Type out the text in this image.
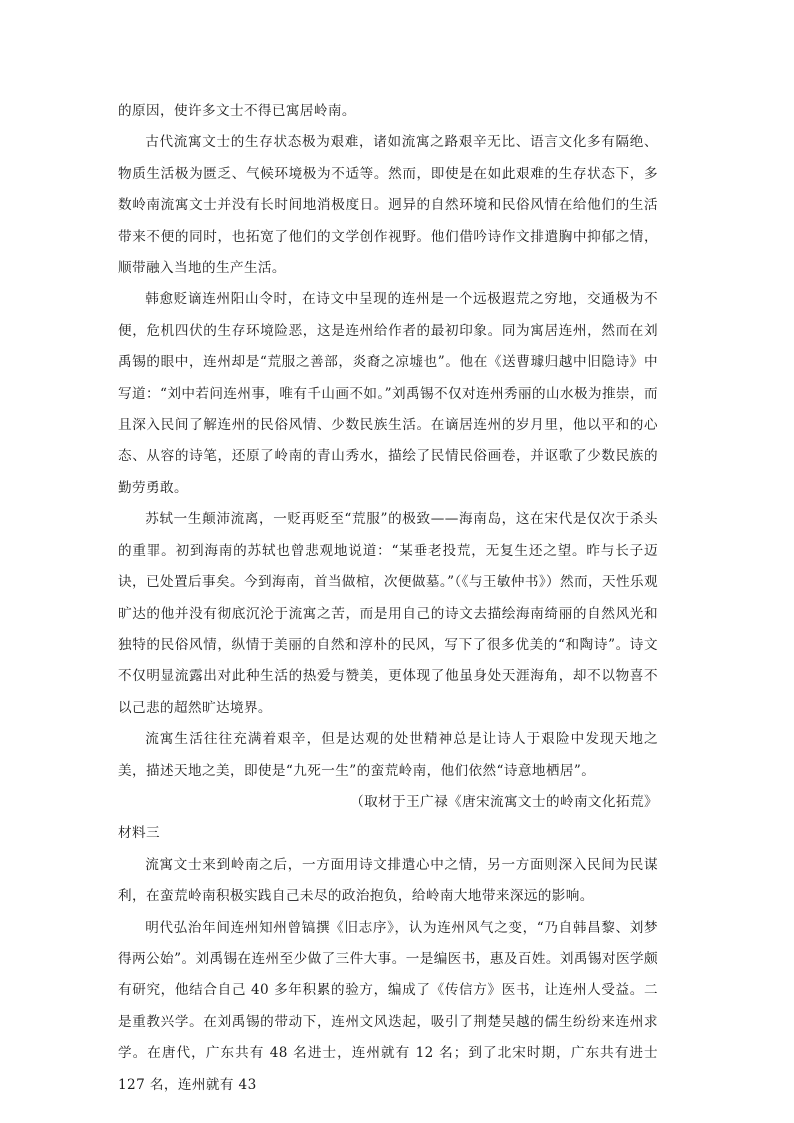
的原因，使许多文士不得已寓居岭南。

古代流寓文士的生存状态极为艰难，诸如流寓之路艰辛无比、语言文化多有隔绝、物质生活极为匮乏、气候环境极为不适等。然而，即使是在如此艰难的生存状态下，多数岭南流寓文士并没有长时间地消极度日。迥异的自然环境和民俗风情在给他们的生活带来不便的同时，也拓宽了他们的文学创作视野。他们借吟诗作文排遣胸中抑郁之情，顺带融入当地的生产生活。

韩愈贬谪连州阳山令时，在诗文中呈现的连州是一个远极遐荒之穷地，交通极为不便，危机四伏的生存环境险恶，这是连州给作者的最初印象。同为寓居连州，然而在刘禹锡的眼中，连州却是“荒服之善部，炎裔之凉墟也”。他在《送曹璩归越中旧隐诗》中写道：“刘中若问连州事，唯有千山画不如。”刘禹锡不仅对连州秀丽的山水极为推崇，而且深入民间了解连州的民俗风情、少数民族生活。在谪居连州的岁月里，他以平和的心态、从容的诗笔，还原了岭南的青山秀水，描绘了民情民俗画卷，并讴歌了少数民族的勤劳勇敢。

苏轼一生颠沛流离，一贬再贬至“荒服”的极致——海南岛，这在宋代是仅次于杀头的重罪。初到海南的苏轼也曾悲观地说道：“某垂老投荒，无复生还之望。昨与长子迈诀，已处置后事矣。今到海南，首当做棺，次便做墓。”（《与王敏仲书》）然而，天性乐观旷达的他并没有彻底沉沦于流寓之苦，而是用自己的诗文去描绘海南绮丽的自然风光和独特的民俗风情，纵情于美丽的自然和淳朴的民风，写下了很多优美的“和陶诗”。诗文不仅明显流露出对此种生活的热爱与赞美，更体现了他虽身处天涯海角，却不以物喜不以己悲的超然旷达境界。

流寓生活往往充满着艰辛，但是达观的处世精神总是让诗人于艰险中发现天地之美，描述天地之美，即使是“九死一生”的蛮荒岭南，他们依然“诗意地栖居”。

（取材于王广禄《唐宋流寓文士的岭南文化拓荒》

材料三

流寓文士来到岭南之后，一方面用诗文排遣心中之情，另一方面则深入民间为民谋利，在蛮荒岭南积极实践自己未尽的政治抱负，给岭南大地带来深远的影响。

明代弘治年间连州知州曾镐撰《旧志序》，认为连州风气之变，“乃自韩昌黎、刘梦得两公始”。刘禹锡在连州至少做了三件大事。一是编医书，惠及百姓。刘禹锡对医学颇有研究，他结合自己 40 多年积累的验方，编成了《传信方》医书，让连州人受益。二是重教兴学。在刘禹锡的带动下，连州文风迭起，吸引了荆楚吴越的儒生纷纷来连州求学。在唐代，广东共有 48 名进士，连州就有 12 名；到了北宋时期，广东共有进士 127 名，连州就有 43
